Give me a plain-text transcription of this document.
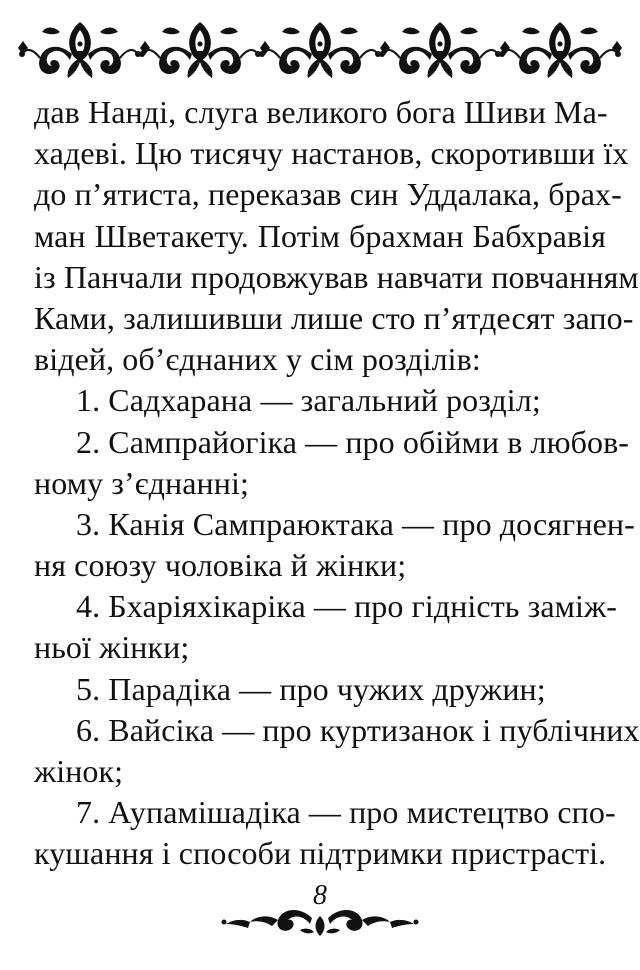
дав Нанді, слуга великого бога Шиви Ма-
хадеві. Цю тисячу настанов, скоротивши їх
до п’ятиста, переказав син Уддалака, брах-
ман Шветакету. Потім брахман Бабхравія
із Панчали продовжував навчати повчанням
Ками, залишивши лише сто п’ятдесят запо-
відей, об’єднаних у сім розділів:
1. Садхарана — загальний розділ;
2. Сампрайогіка — про обійми в любов-
ному з’єднанні;
3. Канія Сампраюктака — про досягнен-
ня союзу чоловіка й жінки;
4. Бхаріяхікаріка — про гідність заміж-
ньої жінки;
5. Парадіка — про чужих дружин;
6. Вайсіка — про куртизанок і публічних
жінок;
7. Аупамішадіка — про мистецтво спо-
кушання і способи підтримки пристрасті.
8
